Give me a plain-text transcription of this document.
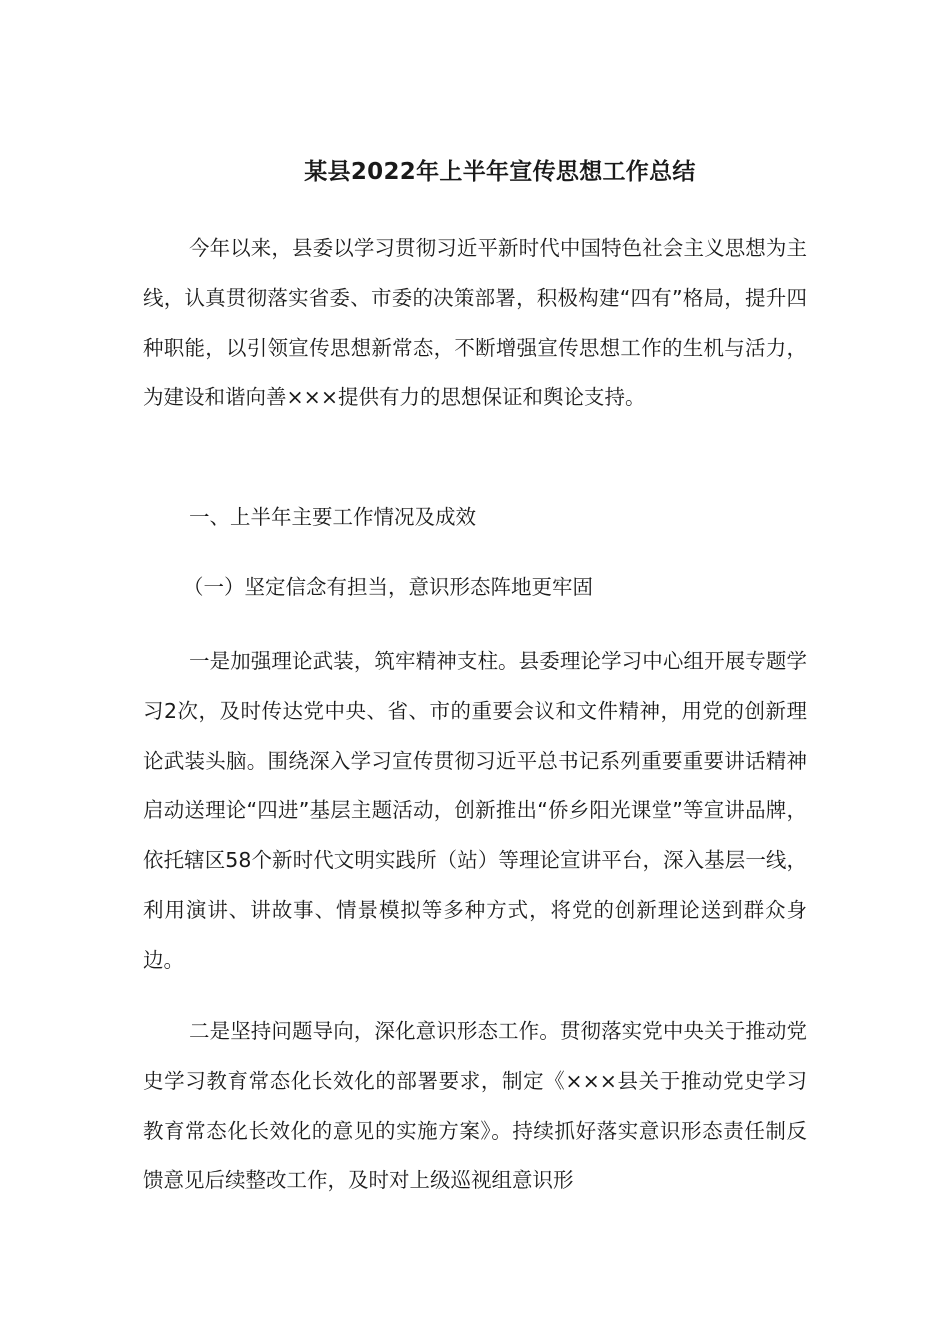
某县2022年上半年宣传思想工作总结

今年以来，县委以学习贯彻习近平新时代中国特色社会主义思想为主线，认真贯彻落实省委、市委的决策部署，积极构建“四有”格局，提升四种职能，以引领宣传思想新常态，不断增强宣传思想工作的生机与活力，为建设和谐向善×××提供有力的思想保证和舆论支持。

一、上半年主要工作情况及成效

（一）坚定信念有担当，意识形态阵地更牢固

一是加强理论武装，筑牢精神支柱。县委理论学习中心组开展专题学习2次，及时传达党中央、省、市的重要会议和文件精神，用党的创新理论武装头脑。围绕深入学习宣传贯彻习近平总书记系列重要重要讲话精神启动送理论“四进”基层主题活动，创新推出“侨乡阳光课堂”等宣讲品牌，依托辖区58个新时代文明实践所（站）等理论宣讲平台，深入基层一线，利用演讲、讲故事、情景模拟等多种方式，将党的创新理论送到群众身边。

二是坚持问题导向，深化意识形态工作。贯彻落实党中央关于推动党史学习教育常态化长效化的部署要求，制定《×××县关于推动党史学习教育常态化长效化的意见的实施方案》。持续抓好落实意识形态责任制反馈意见后续整改工作，及时对上级巡视组意识形
